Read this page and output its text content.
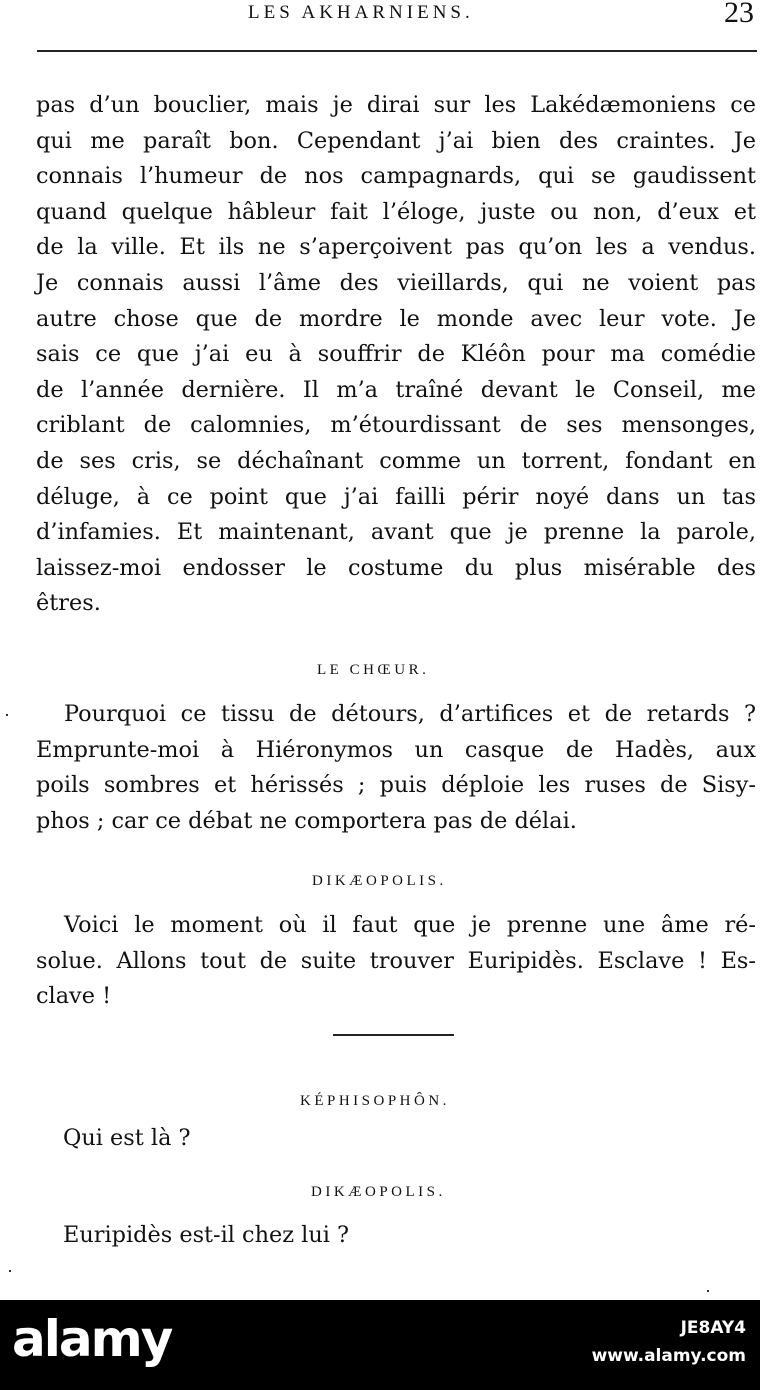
LES AKHARNIENS.	23
pas d’un bouclier, mais je dirai sur les Lakédæmoniens ce
qui me paraît bon. Cependant j’ai bien des craintes. Je
connais l’humeur de nos campagnards, qui se gaudissent
quand quelque hâbleur fait l’éloge, juste ou non, d’eux et
de la ville. Et ils ne s’aperçoivent pas qu’on les a vendus.
Je connais aussi l’âme des vieillards, qui ne voient pas
autre chose que de mordre le monde avec leur vote. Je
sais ce que j’ai eu à souffrir de Kléôn pour ma comédie
de l’année dernière. Il m’a traîné devant le Conseil, me
criblant de calomnies, m’étourdissant de ses mensonges,
de ses cris, se déchaînant comme un torrent, fondant en
déluge, à ce point que j’ai failli périr noyé dans un tas
d’infamies. Et maintenant, avant que je prenne la parole,
laissez-moi endosser le costume du plus misérable des
êtres.
LE CHŒUR.
Pourquoi ce tissu de détours, d’artifices et de retards ?
Emprunte-moi à Hiéronymos un casque de Hadès, aux
poils sombres et hérissés ; puis déploie les ruses de Sisy-
phos ; car ce débat ne comportera pas de délai.
DIKÆOPOLIS.
Voici le moment où il faut que je prenne une âme ré-
solue. Allons tout de suite trouver Euripidès. Esclave ! Es-
clave !
KÉPHISOPHÔN.
Qui est là ?
DIKÆOPOLIS.
Euripidès est-il chez lui ?
alamy	JE8AY4
www.alamy.com
